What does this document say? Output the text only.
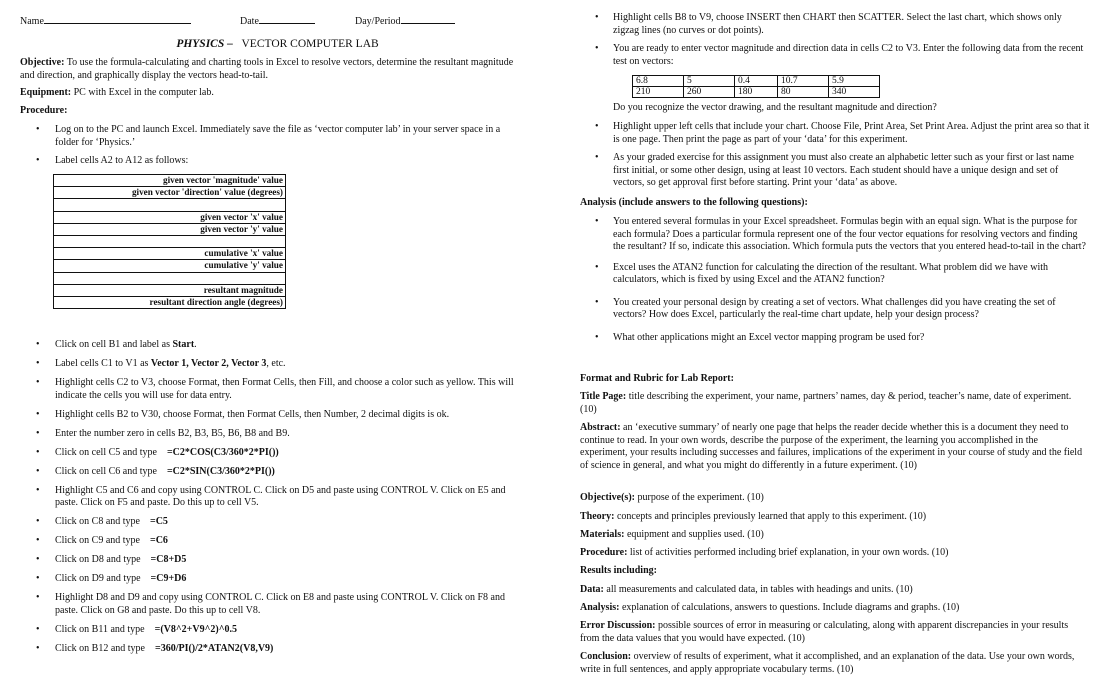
Name	Date	Day/Period
PHYSICS – VECTOR COMPUTER LAB
Objective: To use the formula-calculating and charting tools in Excel to resolve vectors, determine the resultant magnitude and direction, and graphically display the vectors head-to-tail.
Equipment: PC with Excel in the computer lab.
Procedure:
• Log on to the PC and launch Excel. Immediately save the file as ‘vector computer lab’ in your server space in a folder for ‘Physics.’
• Label cells A2 to A12 as follows:
given vector 'magnitude' value
given vector 'direction' value (degrees)

given vector 'x' value
given vector 'y' value

cumulative 'x' value
cumulative 'y' value

resultant magnitude
resultant direction angle (degrees)
• Click on cell B1 and label as Start.
• Label cells C1 to V1 as Vector 1, Vector 2, Vector 3, etc.
• Highlight cells C2 to V3, choose Format, then Format Cells, then Fill, and choose a color such as yellow. This will indicate the cells you will use for data entry.
• Highlight cells B2 to V30, choose Format, then Format Cells, then Number, 2 decimal digits is ok.
• Enter the number zero in cells B2, B3, B5, B6, B8 and B9.
• Click on cell C5 and type    =C2*COS(C3/360*2*PI())
• Click on cell C6 and type    =C2*SIN(C3/360*2*PI())
• Highlight C5 and C6 and copy using CONTROL C. Click on D5 and paste using CONTROL V. Click on E5 and paste. Click on F5 and paste. Do this up to cell V5.
• Click on C8 and type    =C5
• Click on C9 and type    =C6
• Click on D8 and type    =C8+D5
• Click on D9 and type    =C9+D6
• Highlight D8 and D9 and copy using CONTROL C. Click on E8 and paste using CONTROL V. Click on F8 and paste. Click on G8 and paste. Do this up to cell V8.
• Click on B11 and type    =(V8^2+V9^2)^0.5
• Click on B12 and type    =360/PI()/2*ATAN2(V8,V9)
• Highlight cells B8 to V9, choose INSERT then CHART then SCATTER. Select the last chart, which shows only zigzag lines (no curves or dot points).
• You are ready to enter vector magnitude and direction data in cells C2 to V3. Enter the following data from the recent test on vectors:
6.8	5	0.4	10.7	5.9
210	260	180	80	340
Do you recognize the vector drawing, and the resultant magnitude and direction?
• Highlight upper left cells that include your chart. Choose File, Print Area, Set Print Area. Adjust the print area so that it is one page. Then print the page as part of your ‘data’ for this experiment.
• As your graded exercise for this assignment you must also create an alphabetic letter such as your first or last name first initial, or some other design, using at least 10 vectors. Each student should have a unique design and set of vectors, so get approval first before starting. Print your ‘data’ as above.
Analysis (include answers to the following questions):
• You entered several formulas in your Excel spreadsheet. Formulas begin with an equal sign. What is the purpose for each formula? Does a particular formula represent one of the four vector equations for resolving vectors and finding the resultant? If so, indicate this association. Which formula puts the vectors that you entered head-to-tail in the chart?
• Excel uses the ATAN2 function for calculating the direction of the resultant. What problem did we have with calculators, which is fixed by using Excel and the ATAN2 function?
• You created your personal design by creating a set of vectors. What challenges did you have creating the set of vectors? How does Excel, particularly the real-time chart update, help your design process?
• What other applications might an Excel vector mapping program be used for?
Format and Rubric for Lab Report:
Title Page: title describing the experiment, your name, partners’ names, day & period, teacher’s name, date of experiment. (10)
Abstract: an ‘executive summary’ of nearly one page that helps the reader decide whether this is a document they need to continue to read. In your own words, describe the purpose of the experiment, the learning you accomplished in the experiment, your results including successes and failures, implications of the experiment in your course of study and the field of science in general, and what you might do differently in a future experiment. (10)
Objective(s): purpose of the experiment. (10)
Theory: concepts and principles previously learned that apply to this experiment. (10)
Materials: equipment and supplies used. (10)
Procedure: list of activities performed including brief explanation, in your own words. (10)
Results including:
Data: all measurements and calculated data, in tables with headings and units. (10)
Analysis: explanation of calculations, answers to questions. Include diagrams and graphs. (10)
Error Discussion: possible sources of error in measuring or calculating, along with apparent discrepancies in your results from the data values that you would have expected. (10)
Conclusion: overview of results of experiment, what it accomplished, and an explanation of the data. Use your own words, write in full sentences, and apply appropriate vocabulary terms. (10)
